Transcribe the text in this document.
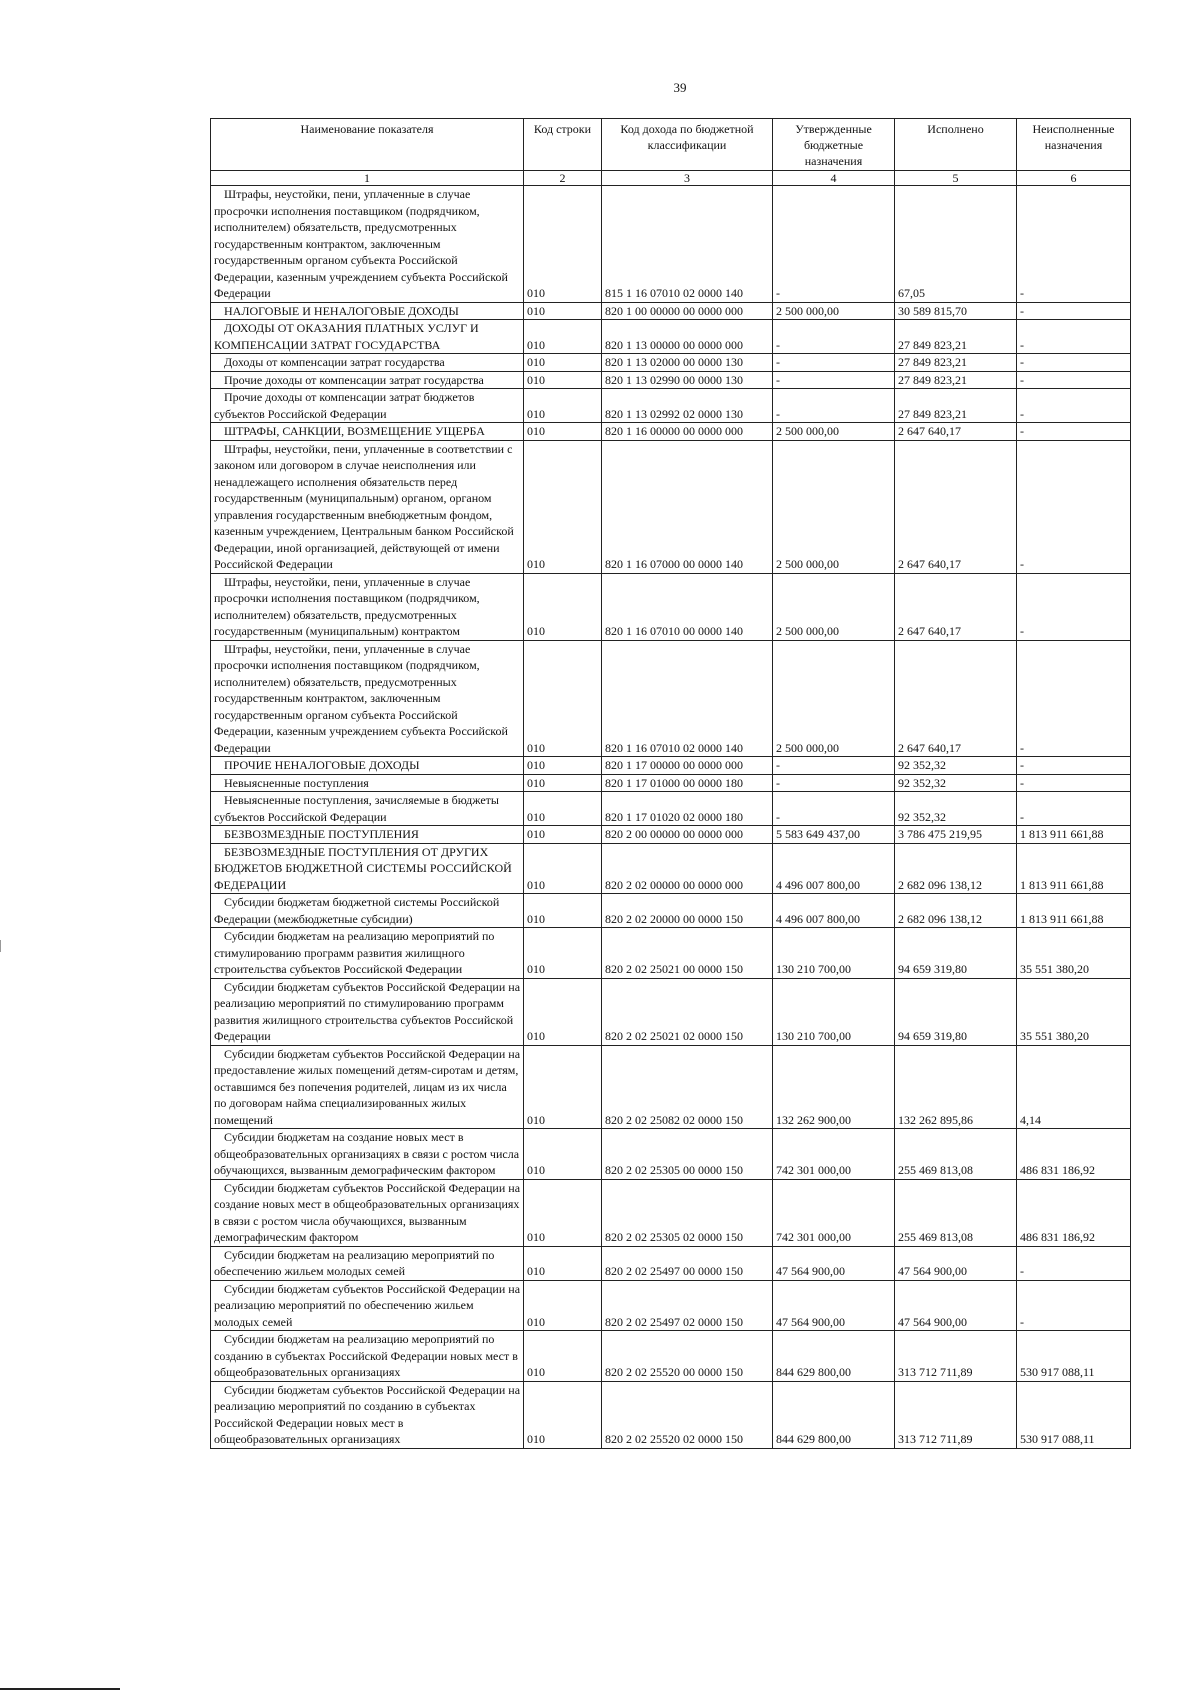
39
Наименование показателя	Код строки	Код дохода по бюджетной классификации	Утвержденные бюджетные назначения	Исполнено	Неисполненные назначения
1	2	3	4	5	6
Штрафы, неустойки, пени, уплаченные в случае просрочки исполнения поставщиком (подрядчиком, исполнителем) обязательств, предусмотренных государственным контрактом, заключенным государственным органом субъекта Российской Федерации, казенным учреждением субъекта Российской Федерации	010	815 1 16 07010 02 0000 140	-	67,05	-
НАЛОГОВЫЕ И НЕНАЛОГОВЫЕ ДОХОДЫ	010	820 1 00 00000 00 0000 000	2 500 000,00	30 589 815,70	-
ДОХОДЫ ОТ ОКАЗАНИЯ ПЛАТНЫХ УСЛУГ И КОМПЕНСАЦИИ ЗАТРАТ ГОСУДАРСТВА	010	820 1 13 00000 00 0000 000	-	27 849 823,21	-
Доходы от компенсации затрат государства	010	820 1 13 02000 00 0000 130	-	27 849 823,21	-
Прочие доходы от компенсации затрат государства	010	820 1 13 02990 00 0000 130	-	27 849 823,21	-
Прочие доходы от компенсации затрат бюджетов субъектов Российской Федерации	010	820 1 13 02992 02 0000 130	-	27 849 823,21	-
ШТРАФЫ, САНКЦИИ, ВОЗМЕЩЕНИЕ УЩЕРБА	010	820 1 16 00000 00 0000 000	2 500 000,00	2 647 640,17	-
Штрафы, неустойки, пени, уплаченные в соответствии с законом или договором в случае неисполнения или ненадлежащего исполнения обязательств перед государственным (муниципальным) органом, органом управления государственным внебюджетным фондом, казенным учреждением, Центральным банком Российской Федерации, иной организацией, действующей от имени Российской Федерации	010	820 1 16 07000 00 0000 140	2 500 000,00	2 647 640,17	-
Штрафы, неустойки, пени, уплаченные в случае просрочки исполнения поставщиком (подрядчиком, исполнителем) обязательств, предусмотренных государственным (муниципальным) контрактом	010	820 1 16 07010 00 0000 140	2 500 000,00	2 647 640,17	-
Штрафы, неустойки, пени, уплаченные в случае просрочки исполнения поставщиком (подрядчиком, исполнителем) обязательств, предусмотренных государственным контрактом, заключенным государственным органом субъекта Российской Федерации, казенным учреждением субъекта Российской Федерации	010	820 1 16 07010 02 0000 140	2 500 000,00	2 647 640,17	-
ПРОЧИЕ НЕНАЛОГОВЫЕ ДОХОДЫ	010	820 1 17 00000 00 0000 000	-	92 352,32	-
Невыясненные поступления	010	820 1 17 01000 00 0000 180	-	92 352,32	-
Невыясненные поступления, зачисляемые в бюджеты субъектов Российской Федерации	010	820 1 17 01020 02 0000 180	-	92 352,32	-
БЕЗВОЗМЕЗДНЫЕ ПОСТУПЛЕНИЯ	010	820 2 00 00000 00 0000 000	5 583 649 437,00	3 786 475 219,95	1 813 911 661,88
БЕЗВОЗМЕЗДНЫЕ ПОСТУПЛЕНИЯ ОТ ДРУГИХ БЮДЖЕТОВ БЮДЖЕТНОЙ СИСТЕМЫ РОССИЙСКОЙ ФЕДЕРАЦИИ	010	820 2 02 00000 00 0000 000	4 496 007 800,00	2 682 096 138,12	1 813 911 661,88
Субсидии бюджетам бюджетной системы Российской Федерации (межбюджетные субсидии)	010	820 2 02 20000 00 0000 150	4 496 007 800,00	2 682 096 138,12	1 813 911 661,88
Субсидии бюджетам на реализацию мероприятий по стимулированию программ развития жилищного строительства субъектов Российской Федерации	010	820 2 02 25021 00 0000 150	130 210 700,00	94 659 319,80	35 551 380,20
Субсидии бюджетам субъектов Российской Федерации на реализацию мероприятий по стимулированию программ развития жилищного строительства субъектов Российской Федерации	010	820 2 02 25021 02 0000 150	130 210 700,00	94 659 319,80	35 551 380,20
Субсидии бюджетам субъектов Российской Федерации на предоставление жилых помещений детям-сиротам и детям, оставшимся без попечения родителей, лицам из их числа по договорам найма специализированных жилых помещений	010	820 2 02 25082 02 0000 150	132 262 900,00	132 262 895,86	4,14
Субсидии бюджетам на создание новых мест в общеобразовательных организациях в связи с ростом числа обучающихся, вызванным демографическим фактором	010	820 2 02 25305 00 0000 150	742 301 000,00	255 469 813,08	486 831 186,92
Субсидии бюджетам субъектов Российской Федерации на создание новых мест в общеобразовательных организациях в связи с ростом числа обучающихся, вызванным демографическим фактором	010	820 2 02 25305 02 0000 150	742 301 000,00	255 469 813,08	486 831 186,92
Субсидии бюджетам на реализацию мероприятий по обеспечению жильем молодых семей	010	820 2 02 25497 00 0000 150	47 564 900,00	47 564 900,00	-
Субсидии бюджетам субъектов Российской Федерации на реализацию мероприятий по обеспечению жильем молодых семей	010	820 2 02 25497 02 0000 150	47 564 900,00	47 564 900,00	-
Субсидии бюджетам на реализацию мероприятий по созданию в субъектах Российской Федерации новых мест в общеобразовательных организациях	010	820 2 02 25520 00 0000 150	844 629 800,00	313 712 711,89	530 917 088,11
Субсидии бюджетам субъектов Российской Федерации на реализацию мероприятий по созданию в субъектах Российской Федерации новых мест в общеобразовательных организациях	010	820 2 02 25520 02 0000 150	844 629 800,00	313 712 711,89	530 917 088,11
